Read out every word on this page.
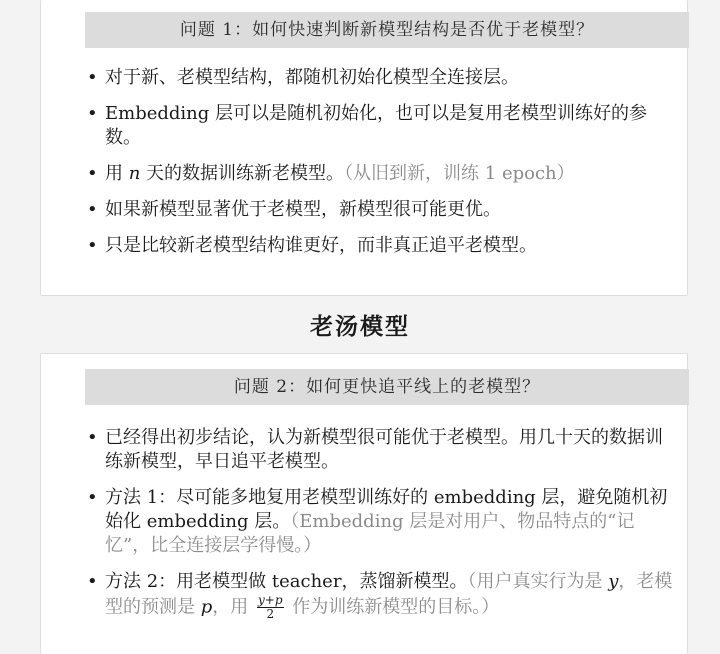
问题 1：如何快速判断新模型结构是否优于老模型？
• 对于新、老模型结构，都随机初始化模型全连接层。
• Embedding 层可以是随机初始化，也可以是复用老模型训练好的参数。
• 用 n 天的数据训练新老模型。（从旧到新，训练 1 epoch）
• 如果新模型显著优于老模型，新模型很可能更优。
• 只是比较新老模型结构谁更好，而非真正追平老模型。
老汤模型
问题 2：如何更快追平线上的老模型？
• 已经得出初步结论，认为新模型很可能优于老模型。用几十天的数据训练新模型，早日追平老模型。
• 方法 1：尽可能多地复用老模型训练好的 embedding 层，避免随机初始化 embedding 层。（Embedding 层是对用户、物品特点的“记忆”，比全连接层学得慢。）
• 方法 2：用老模型做 teacher，蒸馏新模型。（用户真实行为是 y，老模型的预测是 p，用 $\frac{y+p}{2}$ 作为训练新模型的目标。）
